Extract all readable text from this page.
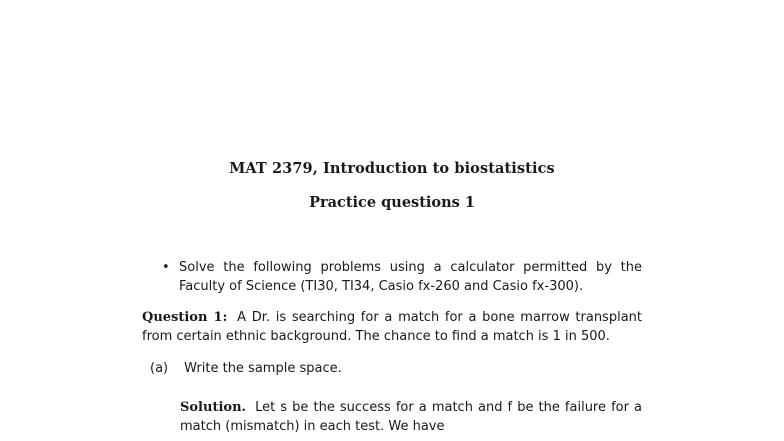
MAT 2379, Introduction to biostatistics
Practice questions 1
• Solve the following problems using a calculator permitted by the Faculty of Science (TI30, TI34, Casio fx-260 and Casio fx-300).
Question 1: A Dr. is searching for a match for a bone marrow transplant from certain ethnic background. The chance to find a match is 1 in 500.
(a) Write the sample space.
Solution. Let s be the success for a match and f be the failure for a match (mismatch) in each test. We have
